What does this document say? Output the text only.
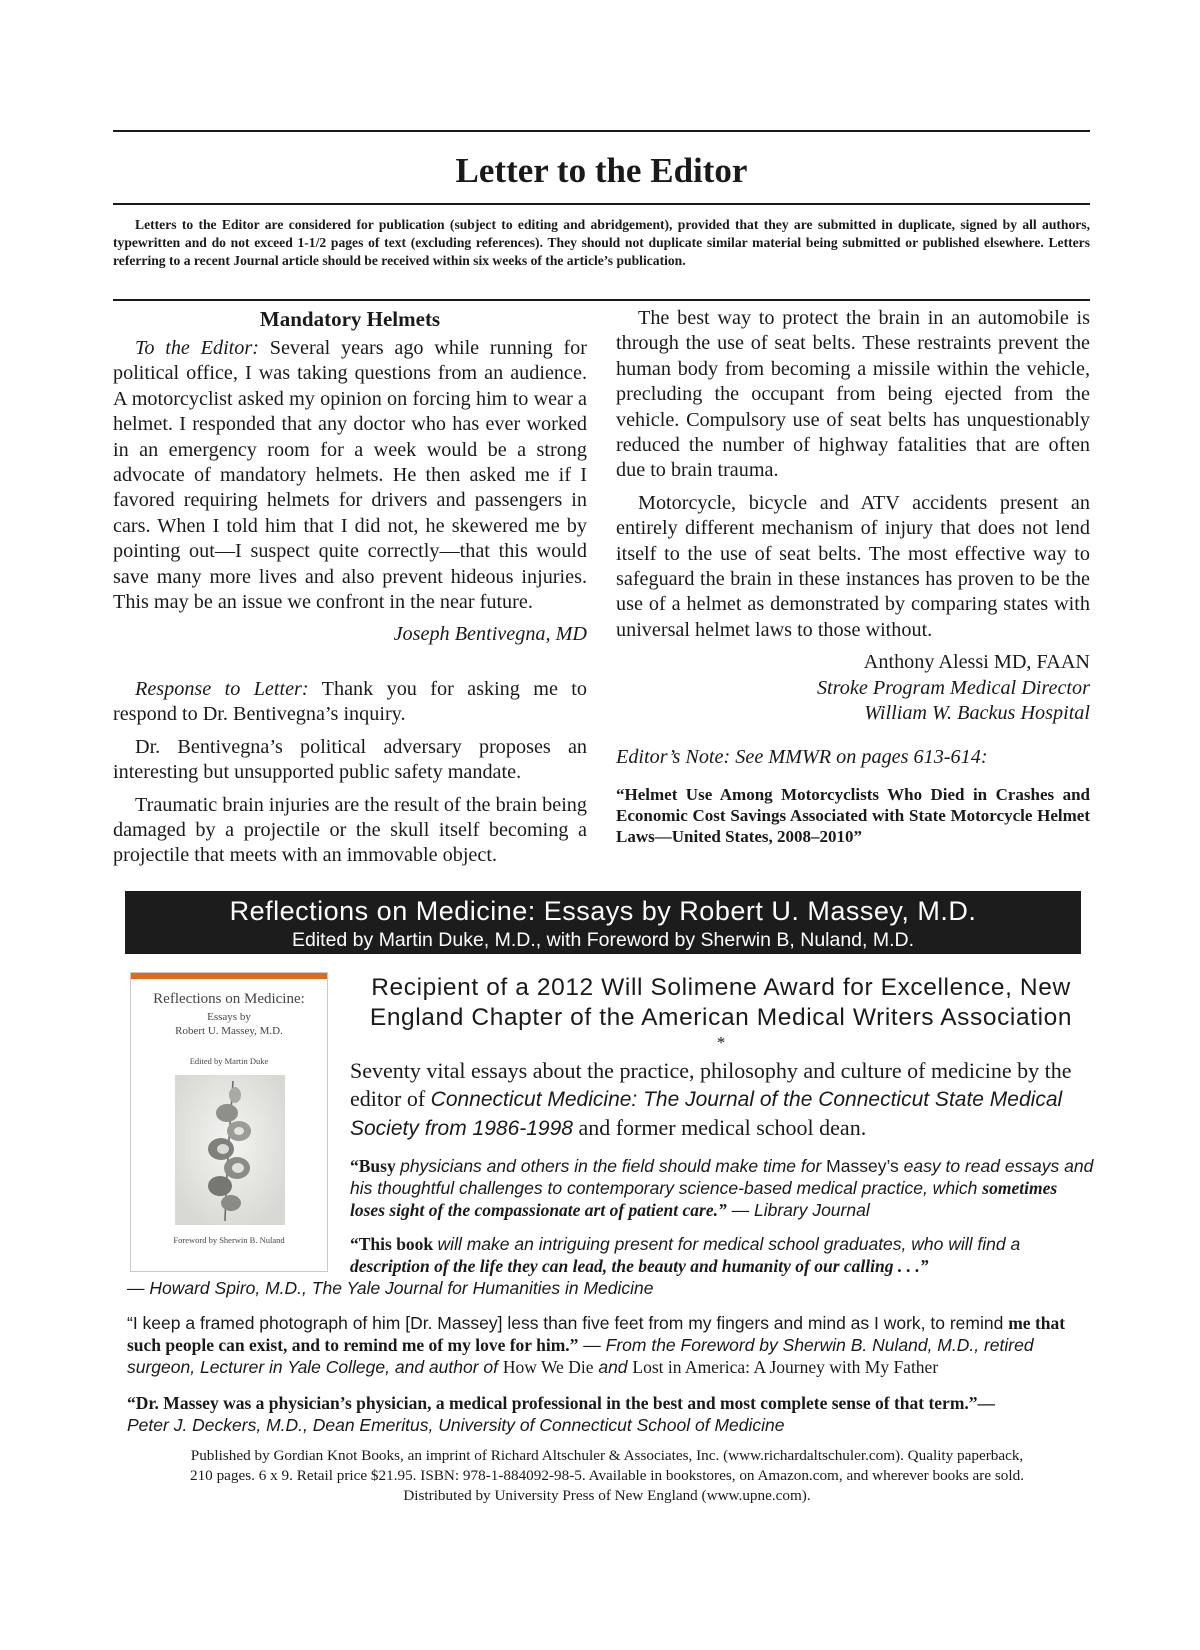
Letter to the Editor
Letters to the Editor are considered for publication (subject to editing and abridgement), provided that they are submitted in duplicate, signed by all authors, typewritten and do not exceed 1-1/2 pages of text (excluding references). They should not duplicate similar material being submitted or published elsewhere. Letters referring to a recent Journal article should be received within six weeks of the article’s publication.
Mandatory Helmets

To the Editor: Several years ago while running for political office, I was taking questions from an audience. A motorcyclist asked my opinion on forcing him to wear a helmet. I responded that any doctor who has ever worked in an emergency room for a week would be a strong advocate of mandatory helmets. He then asked me if I favored requiring helmets for drivers and passengers in cars. When I told him that I did not, he skewered me by pointing out—I suspect quite correctly—that this would save many more lives and also prevent hideous injuries. This may be an issue we confront in the near future.

Joseph Bentivegna, MD

Response to Letter: Thank you for asking me to respond to Dr. Bentivegna’s inquiry.

Dr. Bentivegna’s political adversary proposes an interesting but unsupported public safety mandate.

Traumatic brain injuries are the result of the brain being damaged by a projectile or the skull itself becoming a projectile that meets with an immovable object.

The best way to protect the brain in an automobile is through the use of seat belts. These restraints prevent the human body from becoming a missile within the vehicle, precluding the occupant from being ejected from the vehicle. Compulsory use of seat belts has unquestionably reduced the number of highway fatalities that are often due to brain trauma.

Motorcycle, bicycle and ATV accidents present an entirely different mechanism of injury that does not lend itself to the use of seat belts. The most effective way to safeguard the brain in these instances has proven to be the use of a helmet as demonstrated by comparing states with universal helmet laws to those without.

Anthony Alessi MD, FAAN
Stroke Program Medical Director
William W. Backus Hospital
Editor’s Note: See MMWR on pages 613-614:

“Helmet Use Among Motorcyclists Who Died in Crashes and Economic Cost Savings Associated with State Motorcycle Helmet Laws—United States, 2008–2010”

Reflections on Medicine: Essays by Robert U. Massey, M.D.
Edited by Martin Duke, M.D., with Foreword by Sherwin B, Nuland, M.D.
Reflections on Medicine:
Essays by
Robert U. Massey, M.D.
Edited by Martin Duke
Foreword by Sherwin B. Nuland
Recipient of a 2012 Will Solimene Award for Excellence, New England Chapter of the American Medical Writers Association
*
Seventy vital essays about the practice, philosophy and culture of medicine by the editor of Connecticut Medicine: The Journal of the Connecticut State Medical Society from 1986-1998 and former medical school dean.
“Busy physicians and others in the field should make time for Massey’s easy to read essays and his thoughtful challenges to contemporary science-based medical practice, which sometimes loses sight of the compassionate art of patient care.” — Library Journal
“This book will make an intriguing present for medical school graduates, who will find a description of the life they can lead, the beauty and humanity of our calling . . .”
— Howard Spiro, M.D., The Yale Journal for Humanities in Medicine
“I keep a framed photograph of him [Dr. Massey] less than five feet from my fingers and mind as I work, to remind me that such people can exist, and to remind me of my love for him.” — From the Foreword by Sherwin B. Nuland, M.D., retired surgeon, Lecturer in Yale College, and author of How We Die and Lost in America: A Journey with My Father
“Dr. Massey was a physician’s physician, a medical professional in the best and most complete sense of that term.”—
Peter J. Deckers, M.D., Dean Emeritus, University of Connecticut School of Medicine
Published by Gordian Knot Books, an imprint of Richard Altschuler & Associates, Inc. (www.richardaltschuler.com). Quality paperback,
210 pages. 6 x 9. Retail price $21.95. ISBN: 978-1-884092-98-5. Available in bookstores, on Amazon.com, and wherever books are sold.
Distributed by University Press of New England (www.upne.com).
